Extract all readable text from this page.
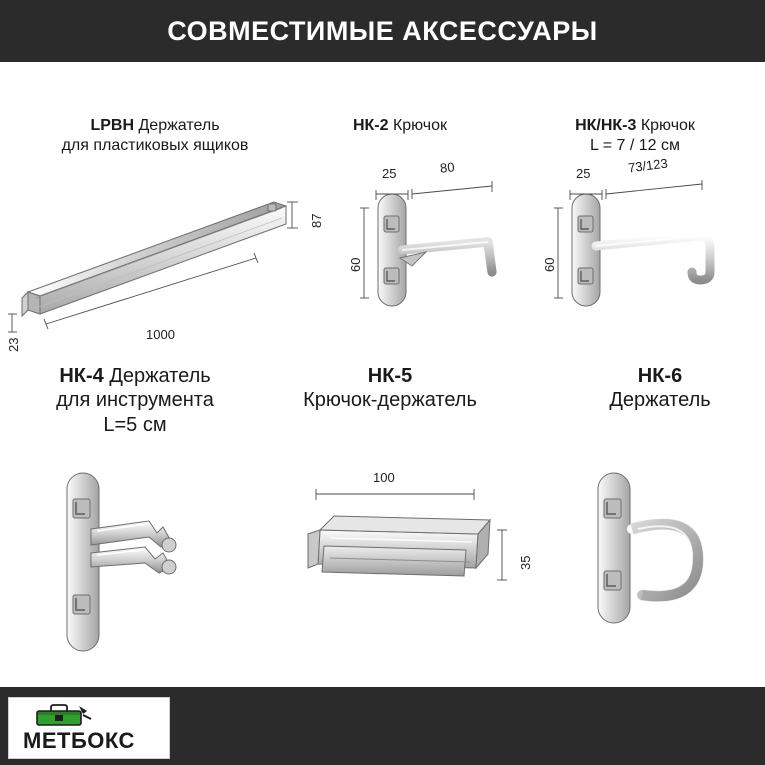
СОВМЕСТИМЫЕ АКСЕССУАРЫ
LPBH Держатель
для пластиковых ящиков
87
1000
23
НК-2 Крючок
25	80
60
НК/НК-3 Крючок
L = 7 / 12 см
25	73/123
60
НК-4 Держатель
для инструмента
L=5 см
НК-5
Крючок-держатель
100
35
НК-6
Держатель
МЕТБОКС
